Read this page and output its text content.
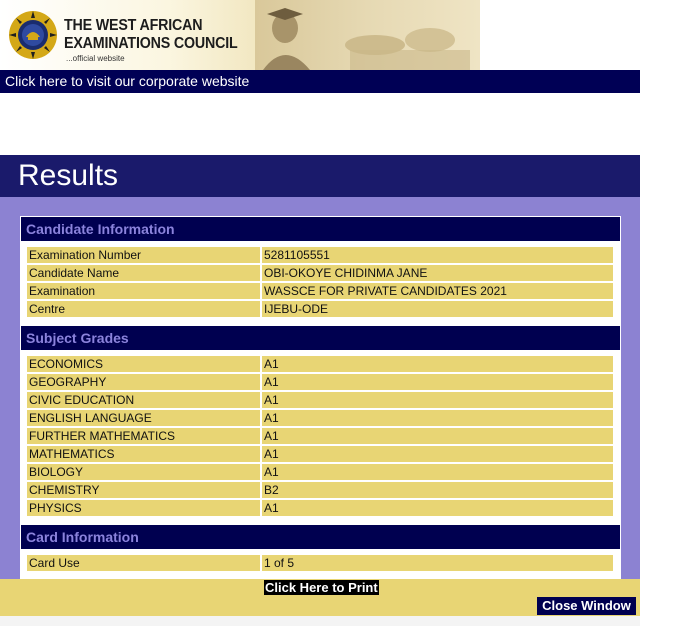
THE WEST AFRICAN
EXAMINATIONS COUNCIL
...official website
Click here to visit our corporate website
Results
Candidate Information
Examination Number	5281105551
Candidate Name	OBI-OKOYE CHIDINMA JANE
Examination	WASSCE FOR PRIVATE CANDIDATES 2021
Centre	IJEBU-ODE
Subject Grades
ECONOMICS	A1
GEOGRAPHY	A1
CIVIC EDUCATION	A1
ENGLISH LANGUAGE	A1
FURTHER MATHEMATICS	A1
MATHEMATICS	A1
BIOLOGY	A1
CHEMISTRY	B2
PHYSICS	A1
Card Information
Card Use	1 of 5
Click Here to Print
Close Window
